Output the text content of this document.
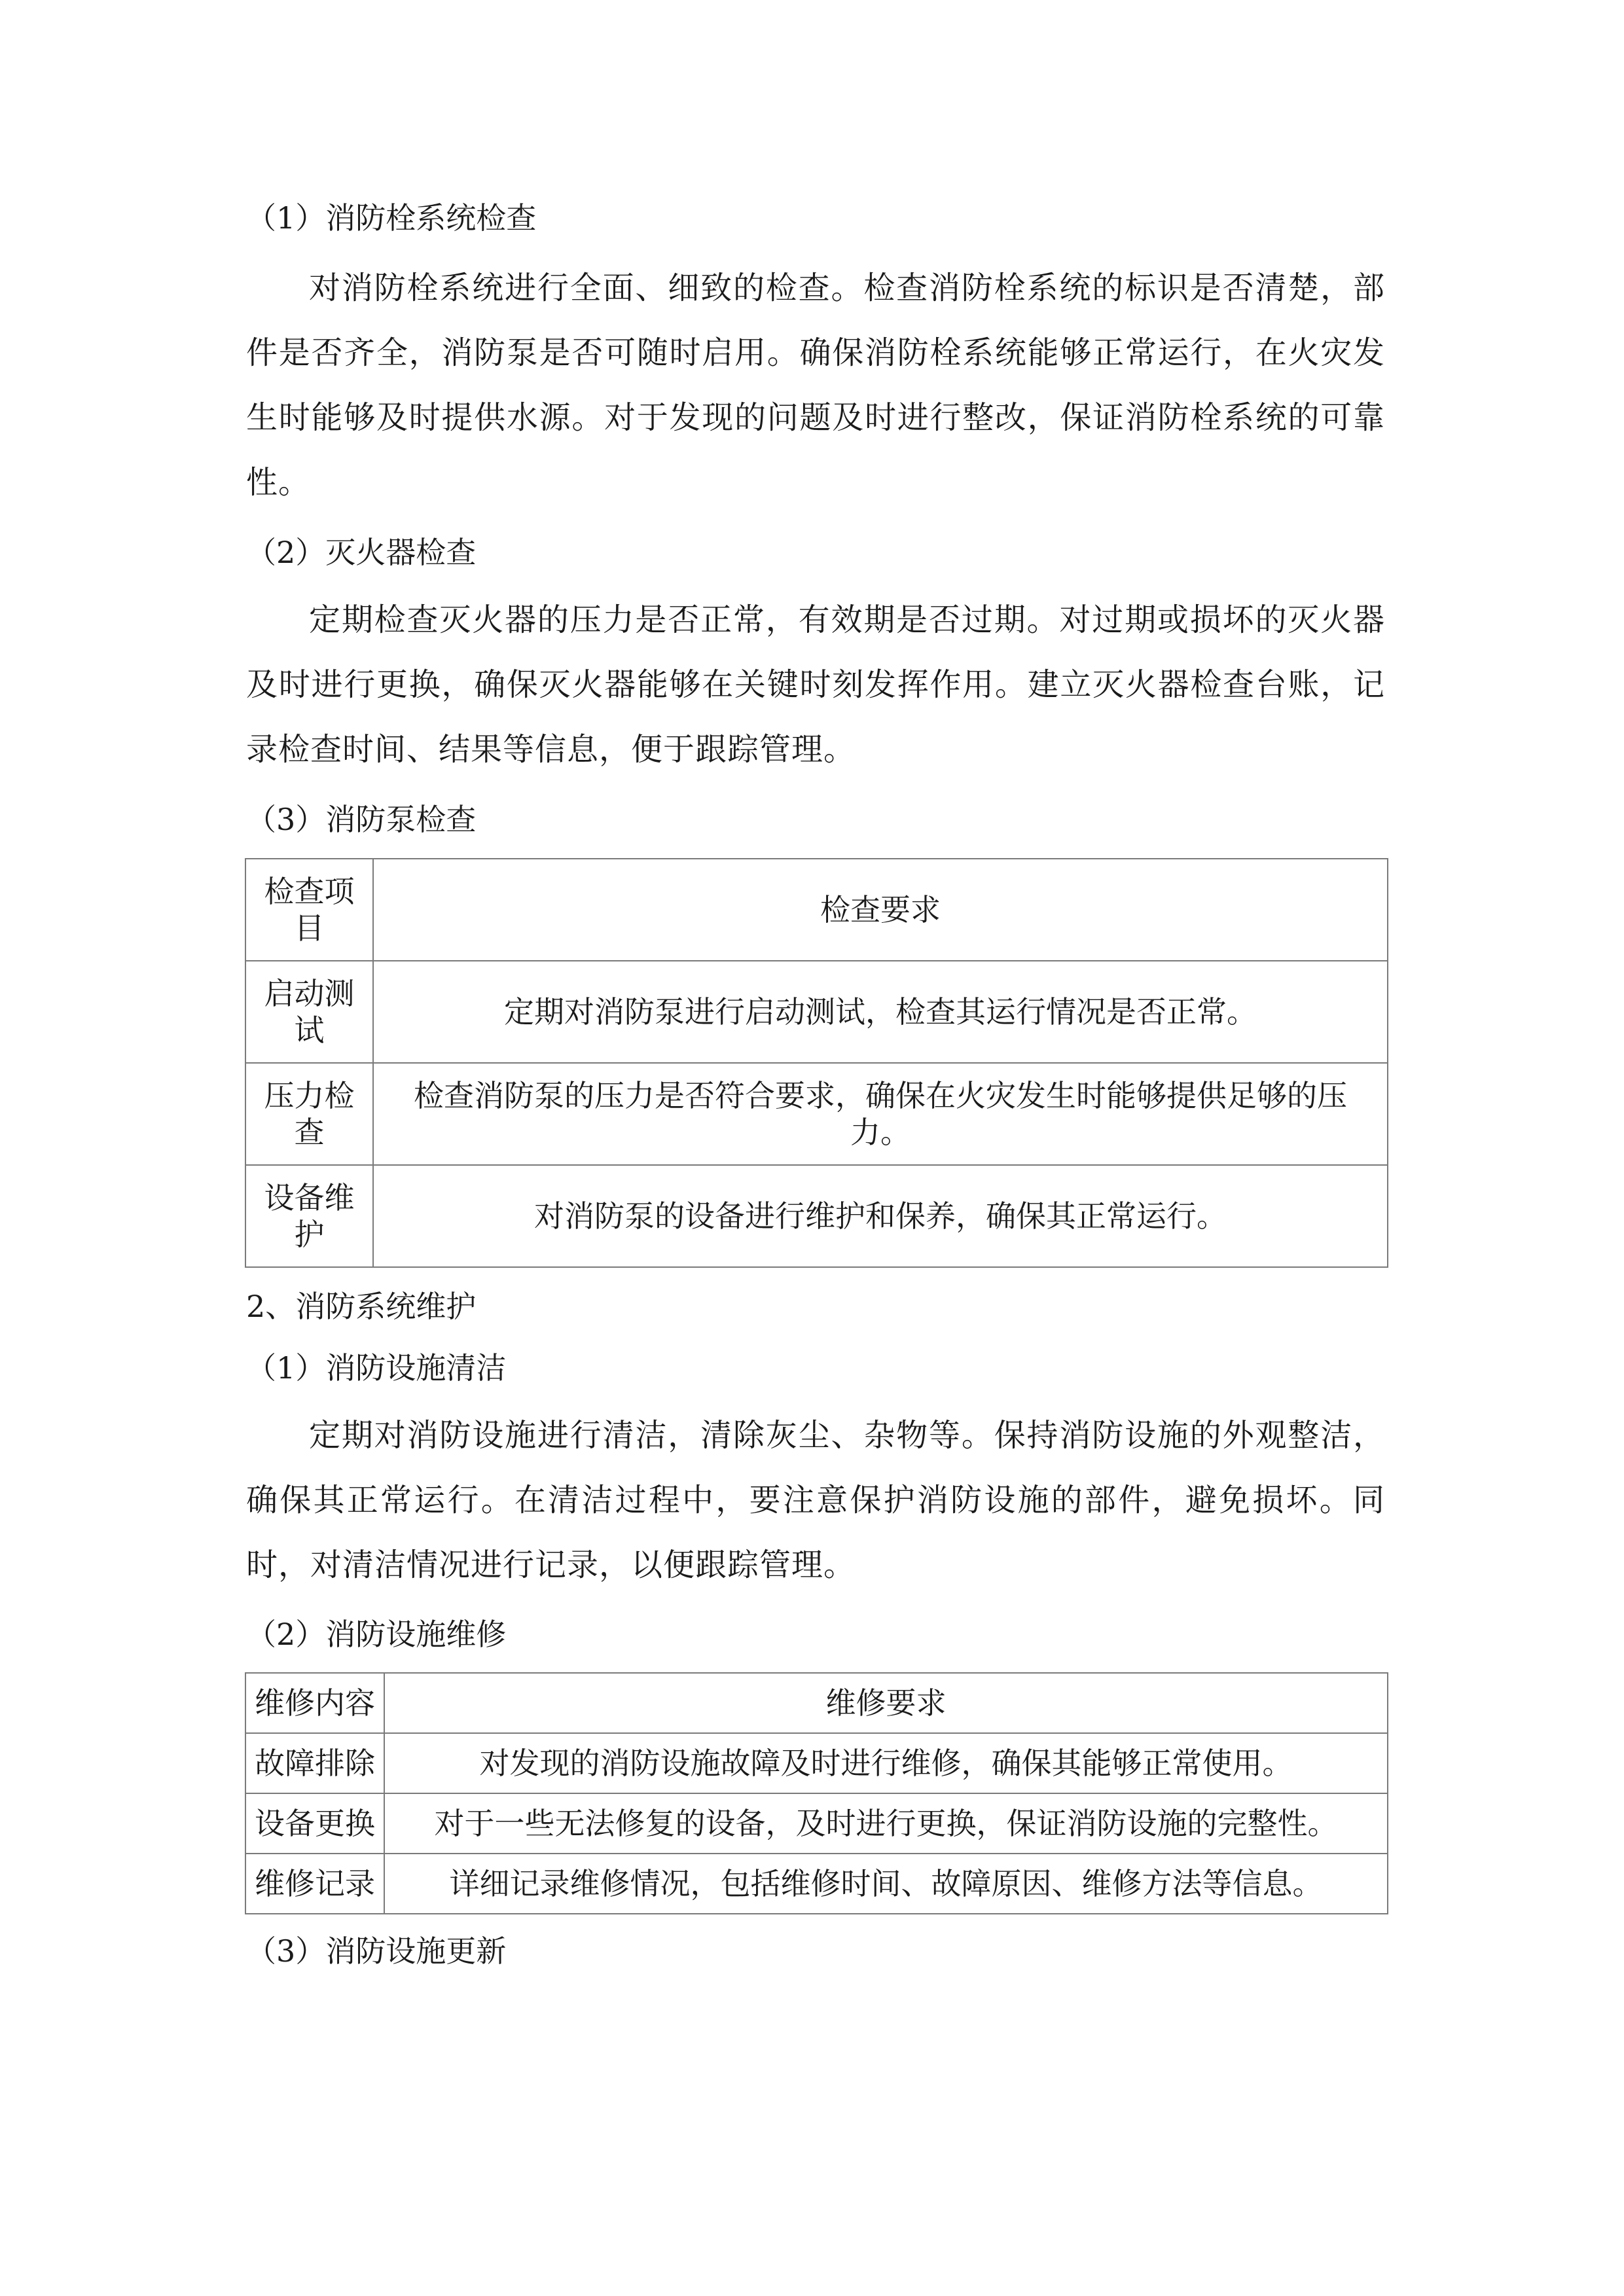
（1）消防栓系统检查
对消防栓系统进行全面、细致的检查。检查消防栓系统的标识是否清楚，部件是否齐全，消防泵是否可随时启用。确保消防栓系统能够正常运行，在火灾发生时能够及时提供水源。对于发现的问题及时进行整改，保证消防栓系统的可靠性。
（2）灭火器检查
定期检查灭火器的压力是否正常，有效期是否过期。对过期或损坏的灭火器及时进行更换，确保灭火器能够在关键时刻发挥作用。建立灭火器检查台账，记录检查时间、结果等信息，便于跟踪管理。
（3）消防泵检查
检查项目	检查要求
启动测试	定期对消防泵进行启动测试，检查其运行情况是否正常。
压力检查	检查消防泵的压力是否符合要求，确保在火灾发生时能够提供足够的压力。
设备维护	对消防泵的设备进行维护和保养，确保其正常运行。
2、消防系统维护
（1）消防设施清洁
定期对消防设施进行清洁，清除灰尘、杂物等。保持消防设施的外观整洁，确保其正常运行。在清洁过程中，要注意保护消防设施的部件，避免损坏。同时，对清洁情况进行记录，以便跟踪管理。
（2）消防设施维修
维修内容	维修要求
故障排除	对发现的消防设施故障及时进行维修，确保其能够正常使用。
设备更换	对于一些无法修复的设备，及时进行更换，保证消防设施的完整性。
维修记录	详细记录维修情况，包括维修时间、故障原因、维修方法等信息。
（3）消防设施更新
